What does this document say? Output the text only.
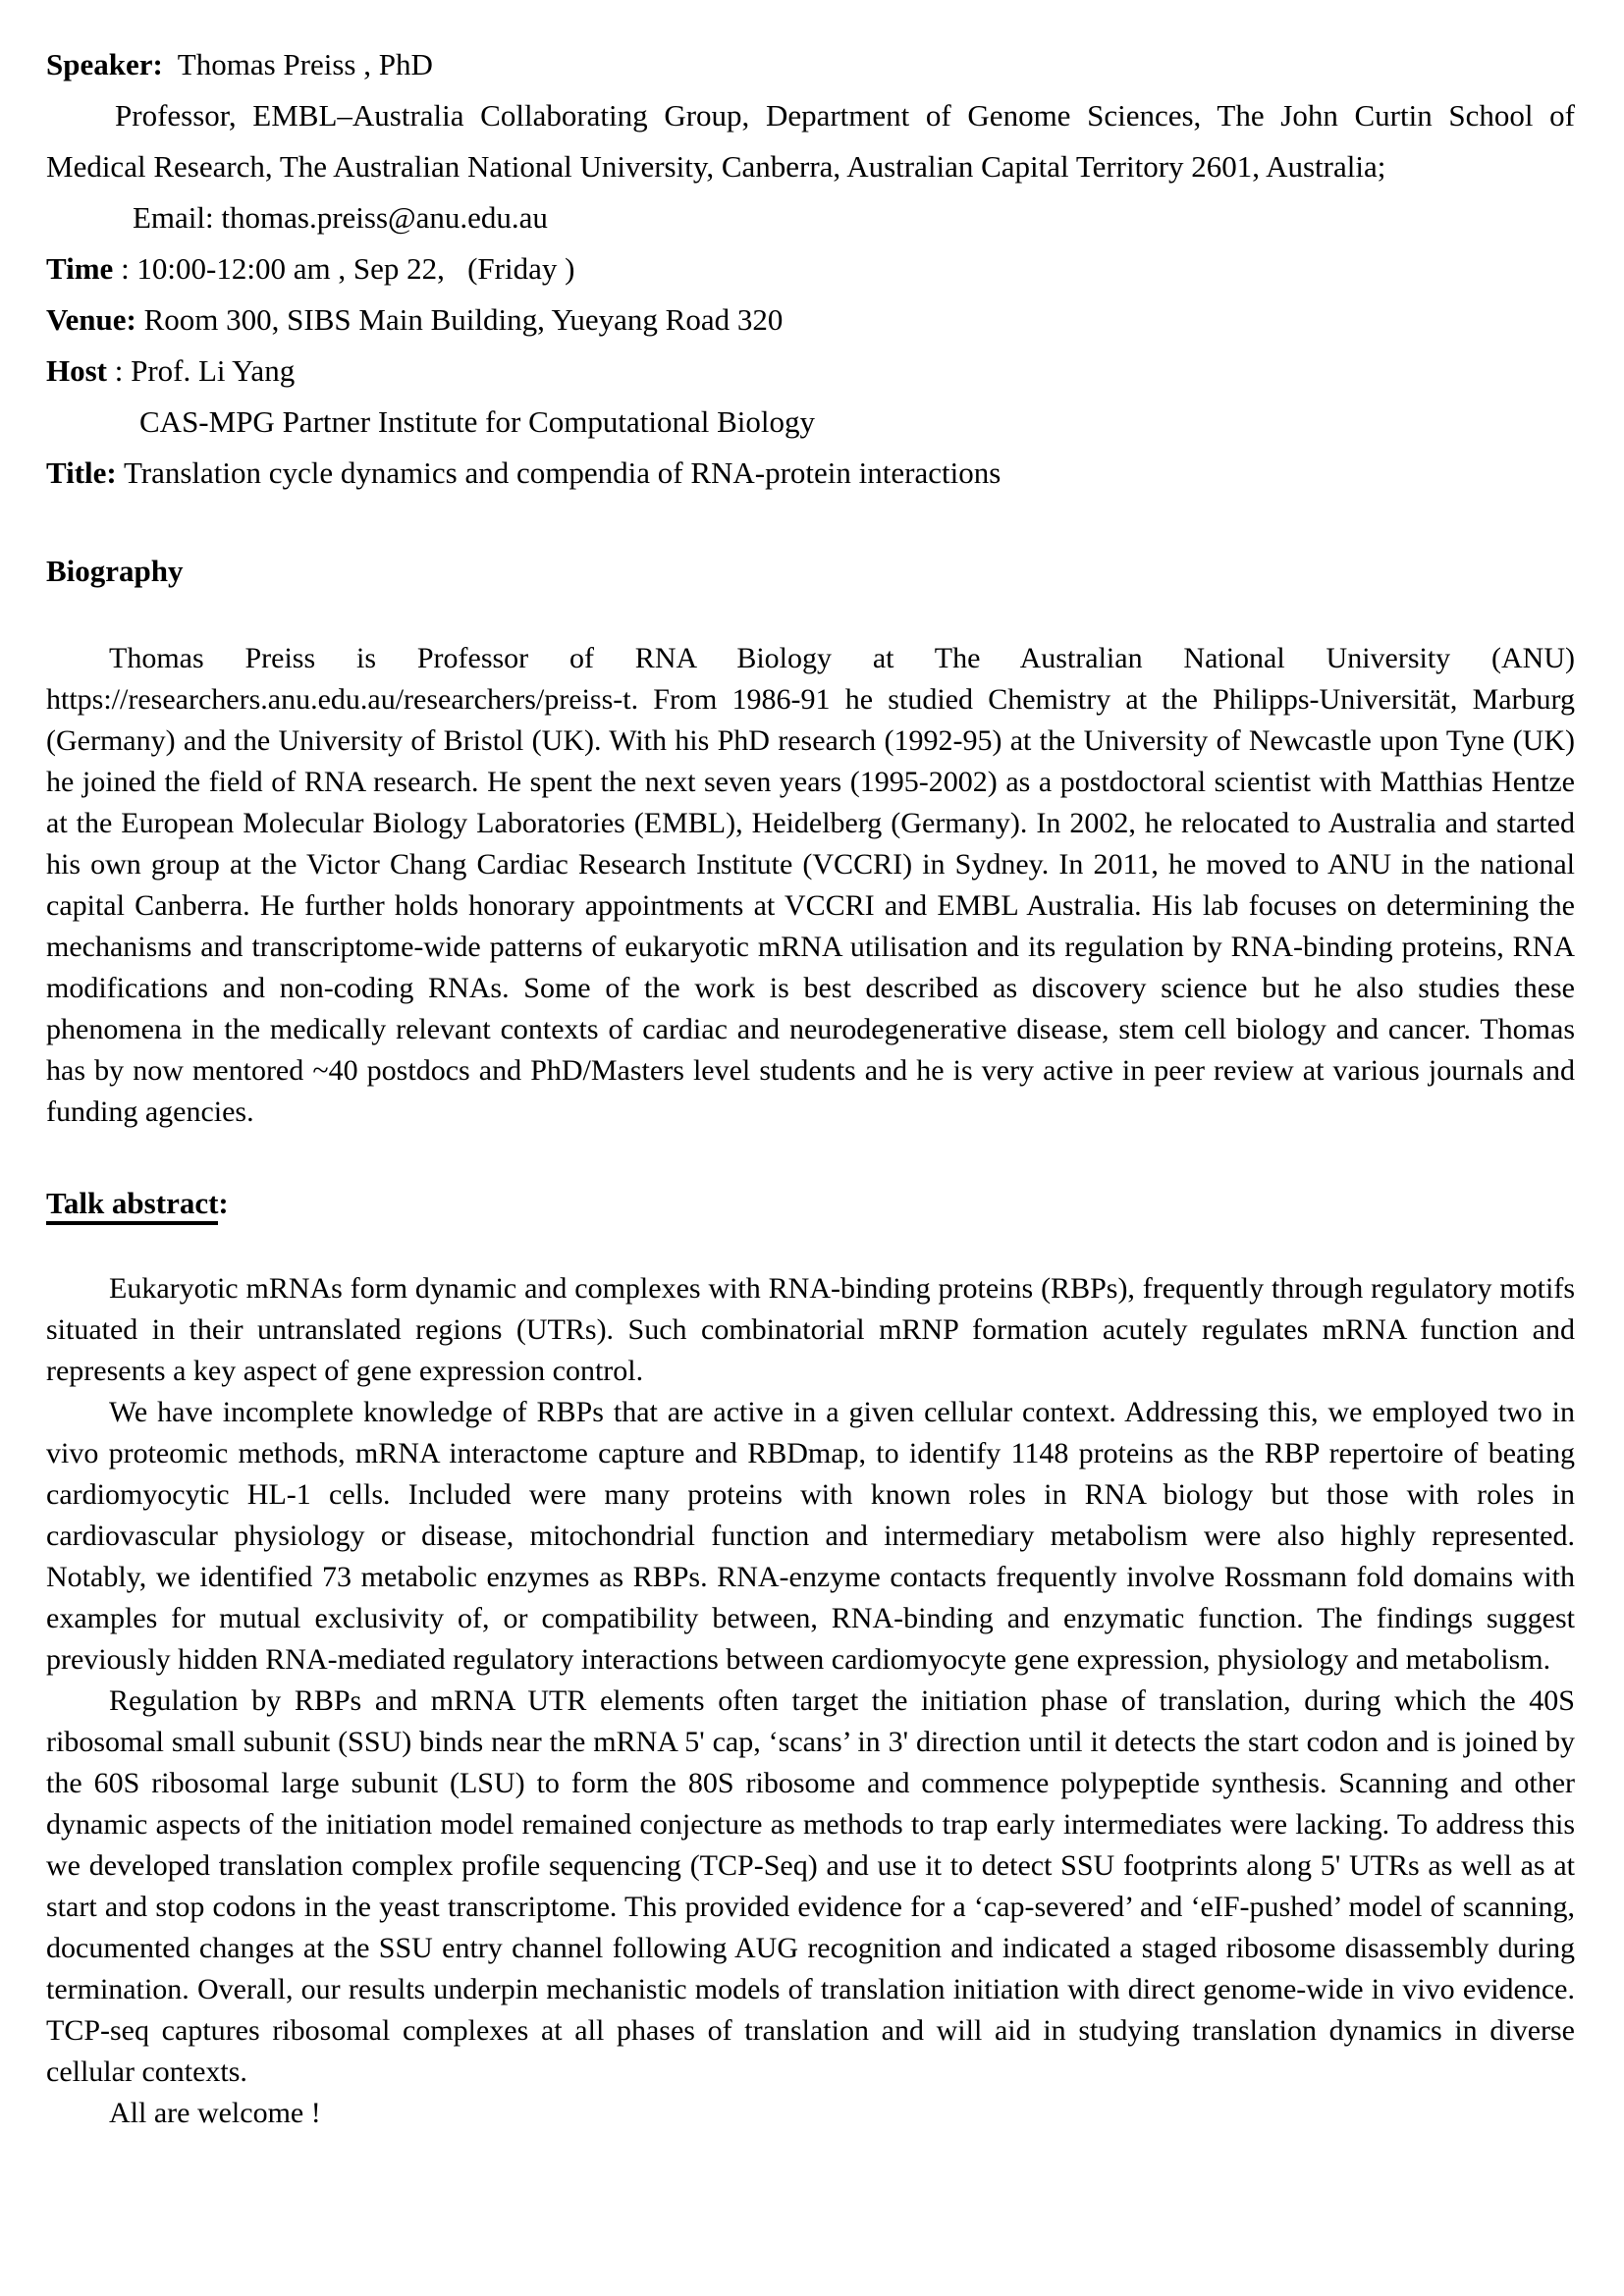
Speaker:  Thomas Preiss , PhD

Professor, EMBL–Australia Collaborating Group, Department of Genome Sciences, The John Curtin School of Medical Research, The Australian National University, Canberra, Australian Capital Territory 2601, Australia;

Email: thomas.preiss@anu.edu.au

Time : 10:00-12:00 am , Sep 22,   (Friday )

Venue: Room 300, SIBS Main Building, Yueyang Road 320

Host : Prof. Li Yang

CAS-MPG Partner Institute for Computational Biology

Title: Translation cycle dynamics and compendia of RNA-protein interactions

Biography

Thomas Preiss is Professor of RNA Biology at The Australian National University (ANU) https://researchers.anu.edu.au/researchers/preiss-t. From 1986-91 he studied Chemistry at the Philipps-Universität, Marburg (Germany) and the University of Bristol (UK). With his PhD research (1992-95) at the University of Newcastle upon Tyne (UK) he joined the field of RNA research. He spent the next seven years (1995-2002) as a postdoctoral scientist with Matthias Hentze at the European Molecular Biology Laboratories (EMBL), Heidelberg (Germany). In 2002, he relocated to Australia and started his own group at the Victor Chang Cardiac Research Institute (VCCRI) in Sydney. In 2011, he moved to ANU in the national capital Canberra. He further holds honorary appointments at VCCRI and EMBL Australia. His lab focuses on determining the mechanisms and transcriptome-wide patterns of eukaryotic mRNA utilisation and its regulation by RNA-binding proteins, RNA modifications and non-coding RNAs. Some of the work is best described as discovery science but he also studies these phenomena in the medically relevant contexts of cardiac and neurodegenerative disease, stem cell biology and cancer. Thomas has by now mentored ~40 postdocs and PhD/Masters level students and he is very active in peer review at various journals and funding agencies.

Talk abstract:

Eukaryotic mRNAs form dynamic and complexes with RNA-binding proteins (RBPs), frequently through regulatory motifs situated in their untranslated regions (UTRs). Such combinatorial mRNP formation acutely regulates mRNA function and represents a key aspect of gene expression control.

We have incomplete knowledge of RBPs that are active in a given cellular context. Addressing this, we employed two in vivo proteomic methods, mRNA interactome capture and RBDmap, to identify 1148 proteins as the RBP repertoire of beating cardiomyocytic HL-1 cells. Included were many proteins with known roles in RNA biology but those with roles in cardiovascular physiology or disease, mitochondrial function and intermediary metabolism were also highly represented. Notably, we identified 73 metabolic enzymes as RBPs. RNA-enzyme contacts frequently involve Rossmann fold domains with examples for mutual exclusivity of, or compatibility between, RNA-binding and enzymatic function. The findings suggest previously hidden RNA-mediated regulatory interactions between cardiomyocyte gene expression, physiology and metabolism.

Regulation by RBPs and mRNA UTR elements often target the initiation phase of translation, during which the 40S ribosomal small subunit (SSU) binds near the mRNA 5' cap, ‘scans’ in 3' direction until it detects the start codon and is joined by the 60S ribosomal large subunit (LSU) to form the 80S ribosome and commence polypeptide synthesis. Scanning and other dynamic aspects of the initiation model remained conjecture as methods to trap early intermediates were lacking. To address this we developed translation complex profile sequencing (TCP-Seq) and use it to detect SSU footprints along 5' UTRs as well as at start and stop codons in the yeast transcriptome. This provided evidence for a ‘cap-severed’ and ‘eIF-pushed’ model of scanning, documented changes at the SSU entry channel following AUG recognition and indicated a staged ribosome disassembly during termination. Overall, our results underpin mechanistic models of translation initiation with direct genome-wide in vivo evidence. TCP-seq captures ribosomal complexes at all phases of translation and will aid in studying translation dynamics in diverse cellular contexts.

All are welcome !
